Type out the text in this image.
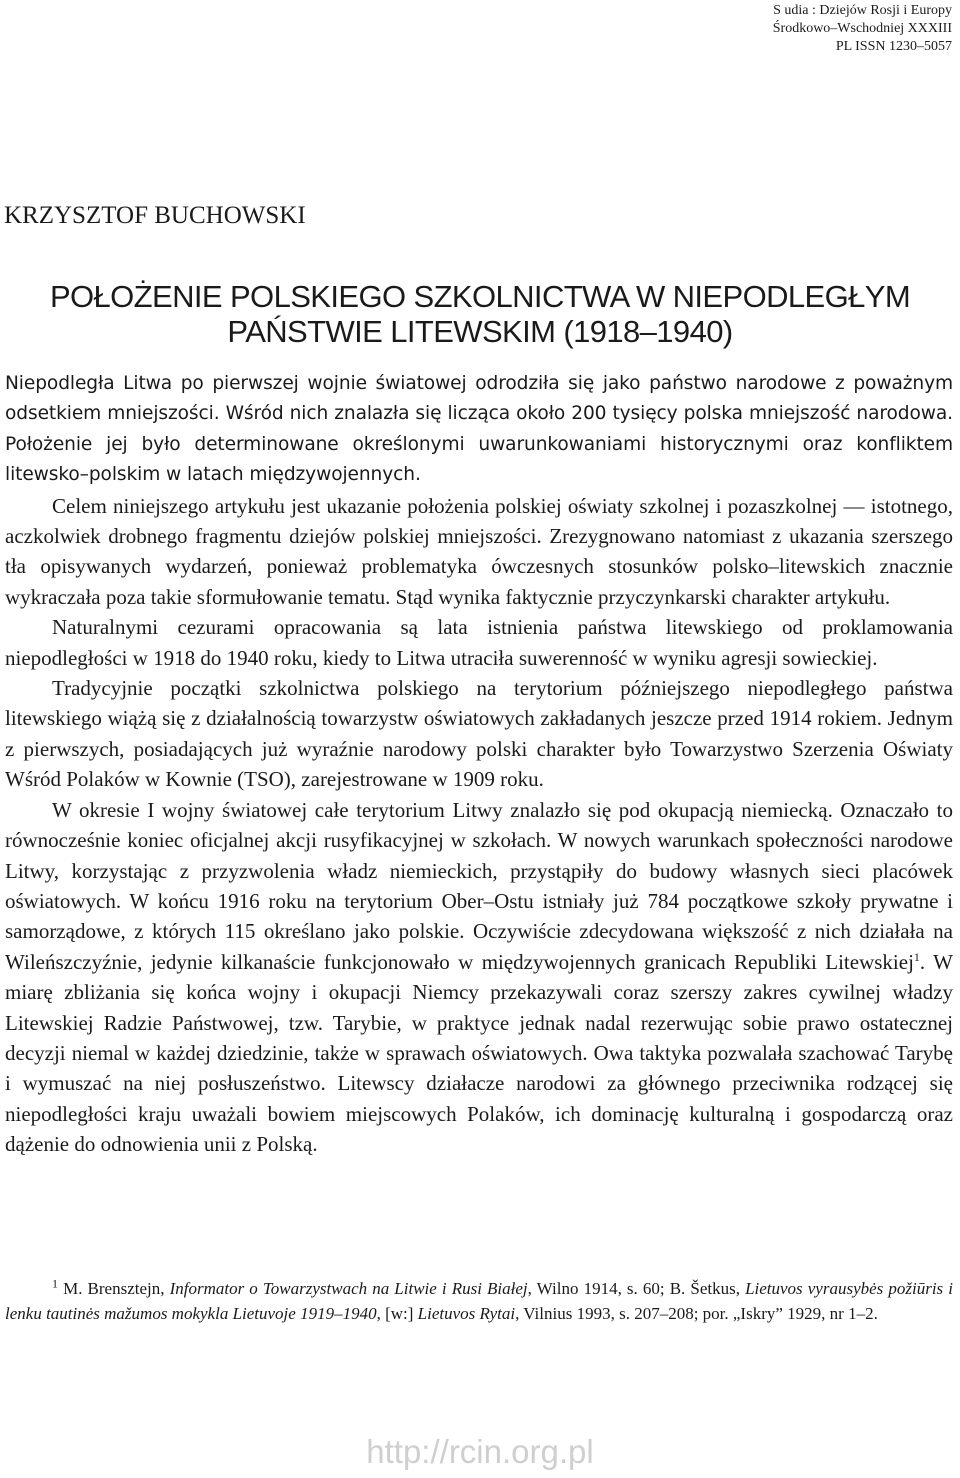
S udia : Dziejów Rosji i Europy
Środkowo–Wschodniej XXXIII
PL ISSN 1230–5057
KRZYSZTOF BUCHOWSKI
POŁOŻENIE POLSKIEGO SZKOLNICTWA W NIEPODLEGŁYM
PAŃSTWIE LITEWSKIM (1918–1940)

Niepodległa Litwa po pierwszej wojnie światowej odrodziła się jako państwo narodowe z poważnym odsetkiem mniejszości. Wśród nich znalazła się licząca około 200 tysięcy polska mniejszość narodowa. Położenie jej było determinowane określonymi uwarunkowaniami historycznymi oraz konfliktem litewsko–polskim w latach międzywojennych.

Celem niniejszego artykułu jest ukazanie położenia polskiej oświaty szkolnej i pozaszkolnej — istotnego, aczkolwiek drobnego fragmentu dziejów polskiej mniejszości. Zrezygnowano natomiast z ukazania szerszego tła opisywanych wydarzeń, ponieważ problematyka ówczesnych stosunków polsko–litewskich znacznie wykraczała poza takie sformułowanie tematu. Stąd wynika faktycznie przyczynkarski charakter artykułu.

Naturalnymi cezurami opracowania są lata istnienia państwa litewskiego od proklamowania niepodległości w 1918 do 1940 roku, kiedy to Litwa utraciła suwerenność w wyniku agresji sowieckiej.

Tradycyjnie początki szkolnictwa polskiego na terytorium późniejszego niepodległego państwa litewskiego wiążą się z działalnością towarzystw oświatowych zakładanych jeszcze przed 1914 rokiem. Jednym z pierwszych, posiadających już wyraźnie narodowy polski charakter było Towarzystwo Szerzenia Oświaty Wśród Polaków w Kownie (TSO), zarejestrowane w 1909 roku.

W okresie I wojny światowej całe terytorium Litwy znalazło się pod okupacją niemiecką. Oznaczało to równocześnie koniec oficjalnej akcji rusyfikacyjnej w szkołach. W nowych warunkach społeczności narodowe Litwy, korzystając z przyzwolenia władz niemieckich, przystąpiły do budowy własnych sieci placówek oświatowych. W końcu 1916 roku na terytorium Ober–Ostu istniały już 784 początkowe szkoły prywatne i samorządowe, z których 115 określano jako polskie. Oczywiście zdecydowana większość z nich działała na Wileńszczyźnie, jedynie kilkanaście funkcjonowało w międzywojennych granicach Republiki Litewskiej$^1$. W miarę zbliżania się końca wojny i okupacji Niemcy przekazywali coraz szerszy zakres cywilnej władzy Litewskiej Radzie Państwowej, tzw. Tarybie, w praktyce jednak nadal rezerwując sobie prawo ostatecznej decyzji niemal w każdej dziedzinie, także w sprawach oświatowych. Owa taktyka pozwalała szachować Tarybę i wymuszać na niej posłuszeństwo. Litewscy działacze narodowi za głównego przeciwnika rodzącej się niepodległości kraju uważali bowiem miejscowych Polaków, ich dominację kulturalną i gospodarczą oraz dążenie do odnowienia unii z Polską.

$^1$ M. Brensztejn, Informator o Towarzystwach na Litwie i Rusi Białej, Wilno 1914, s. 60; B. Šetkus, Lietuvos vyrausybės požiūris i lenku tautinės mažumos mokykla Lietuvoje 1919–1940, [w:] Lietuvos Rytai, Vilnius 1993, s. 207–208; por. „Iskry” 1929, nr 1–2.

http://rcin.org.pl
